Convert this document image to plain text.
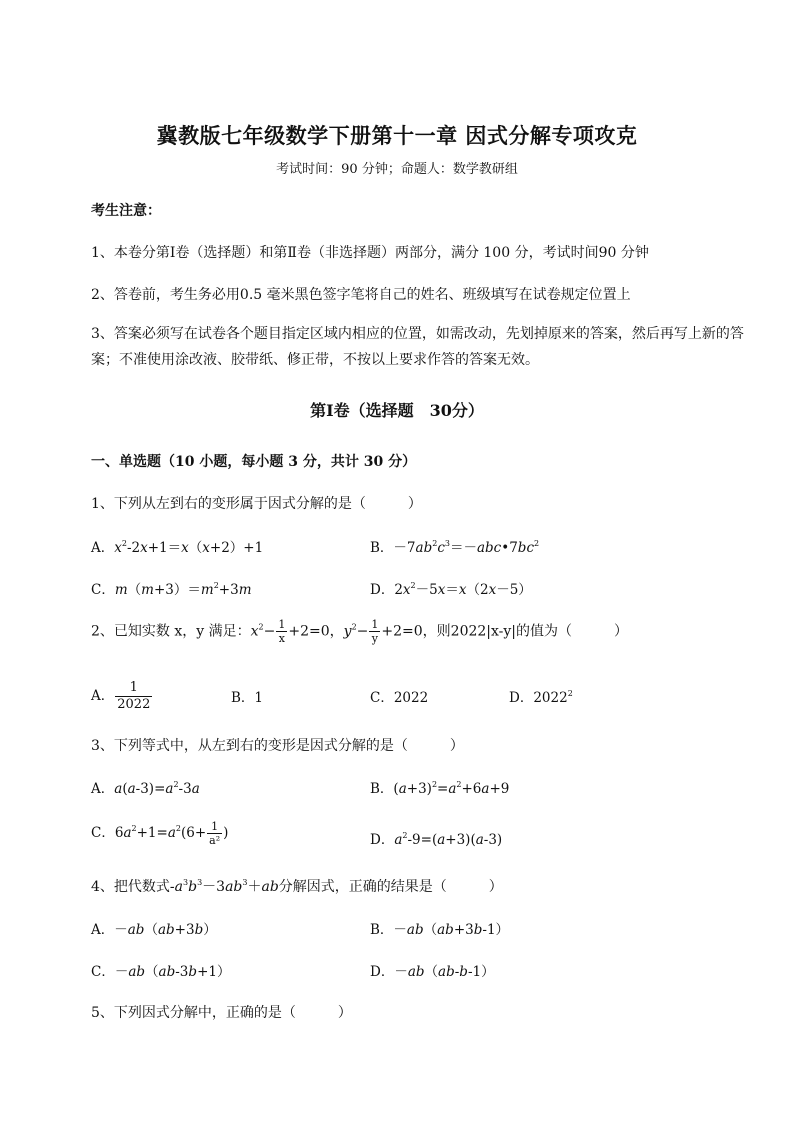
冀教版七年级数学下册第十一章 因式分解专项攻克
考试时间：90 分钟；命题人：数学教研组
考生注意：
1、本卷分第Ⅰ卷（选择题）和第Ⅱ卷（非选择题）两部分，满分 100 分，考试时间90 分钟
2、答卷前，考生务必用0.5 毫米黑色签字笔将自己的姓名、班级填写在试卷规定位置上
3、答案必须写在试卷各个题目指定区域内相应的位置，如需改动，先划掉原来的答案，然后再写上新的答案；不准使用涂改液、胶带纸、修正带，不按以上要求作答的答案无效。
第Ⅰ卷（选择题　30分）
一、单选题（10 小题，每小题 3 分，共计 30 分）
1、下列从左到右的变形属于因式分解的是（　　　）
A．$x^2-2x+1=x(x+2)+1$	B．$-7ab^2c^3=-abc•7bc^2$
C．$m(m+3)=m^2+3m$	D．$2x^2-5x=x(2x-5)$
2、已知实数 x，y 满足：$x^2- \frac{1}{x} +2=0$，$y^2- \frac{1}{y} +2=0$，则2022|x-y|的值为（　　　）
A． $\frac{1}{2022}$	B．1	C．2022	D．2022$^2$
3、下列等式中，从左到右的变形是因式分解的是（　　　）
A．$a(a-3)=a^2-3a$	B．$(a+3)^2=a^2+6a+9$
C．$6a^2+1=a^2(6+ \frac{1}{\text{a²}}$ )	D．$a^2-9=(a+3)(a-3)$
4、把代数式$-a^3b^3-3ab^3+ab$分解因式，正确的结果是（　　　）
A．－ab（ab+3b）	B．－ab（ab+3b-1）
C．－ab（ab-3b+1）	D．－ab（ab-b-1）
5、下列因式分解中，正确的是（　　　）
